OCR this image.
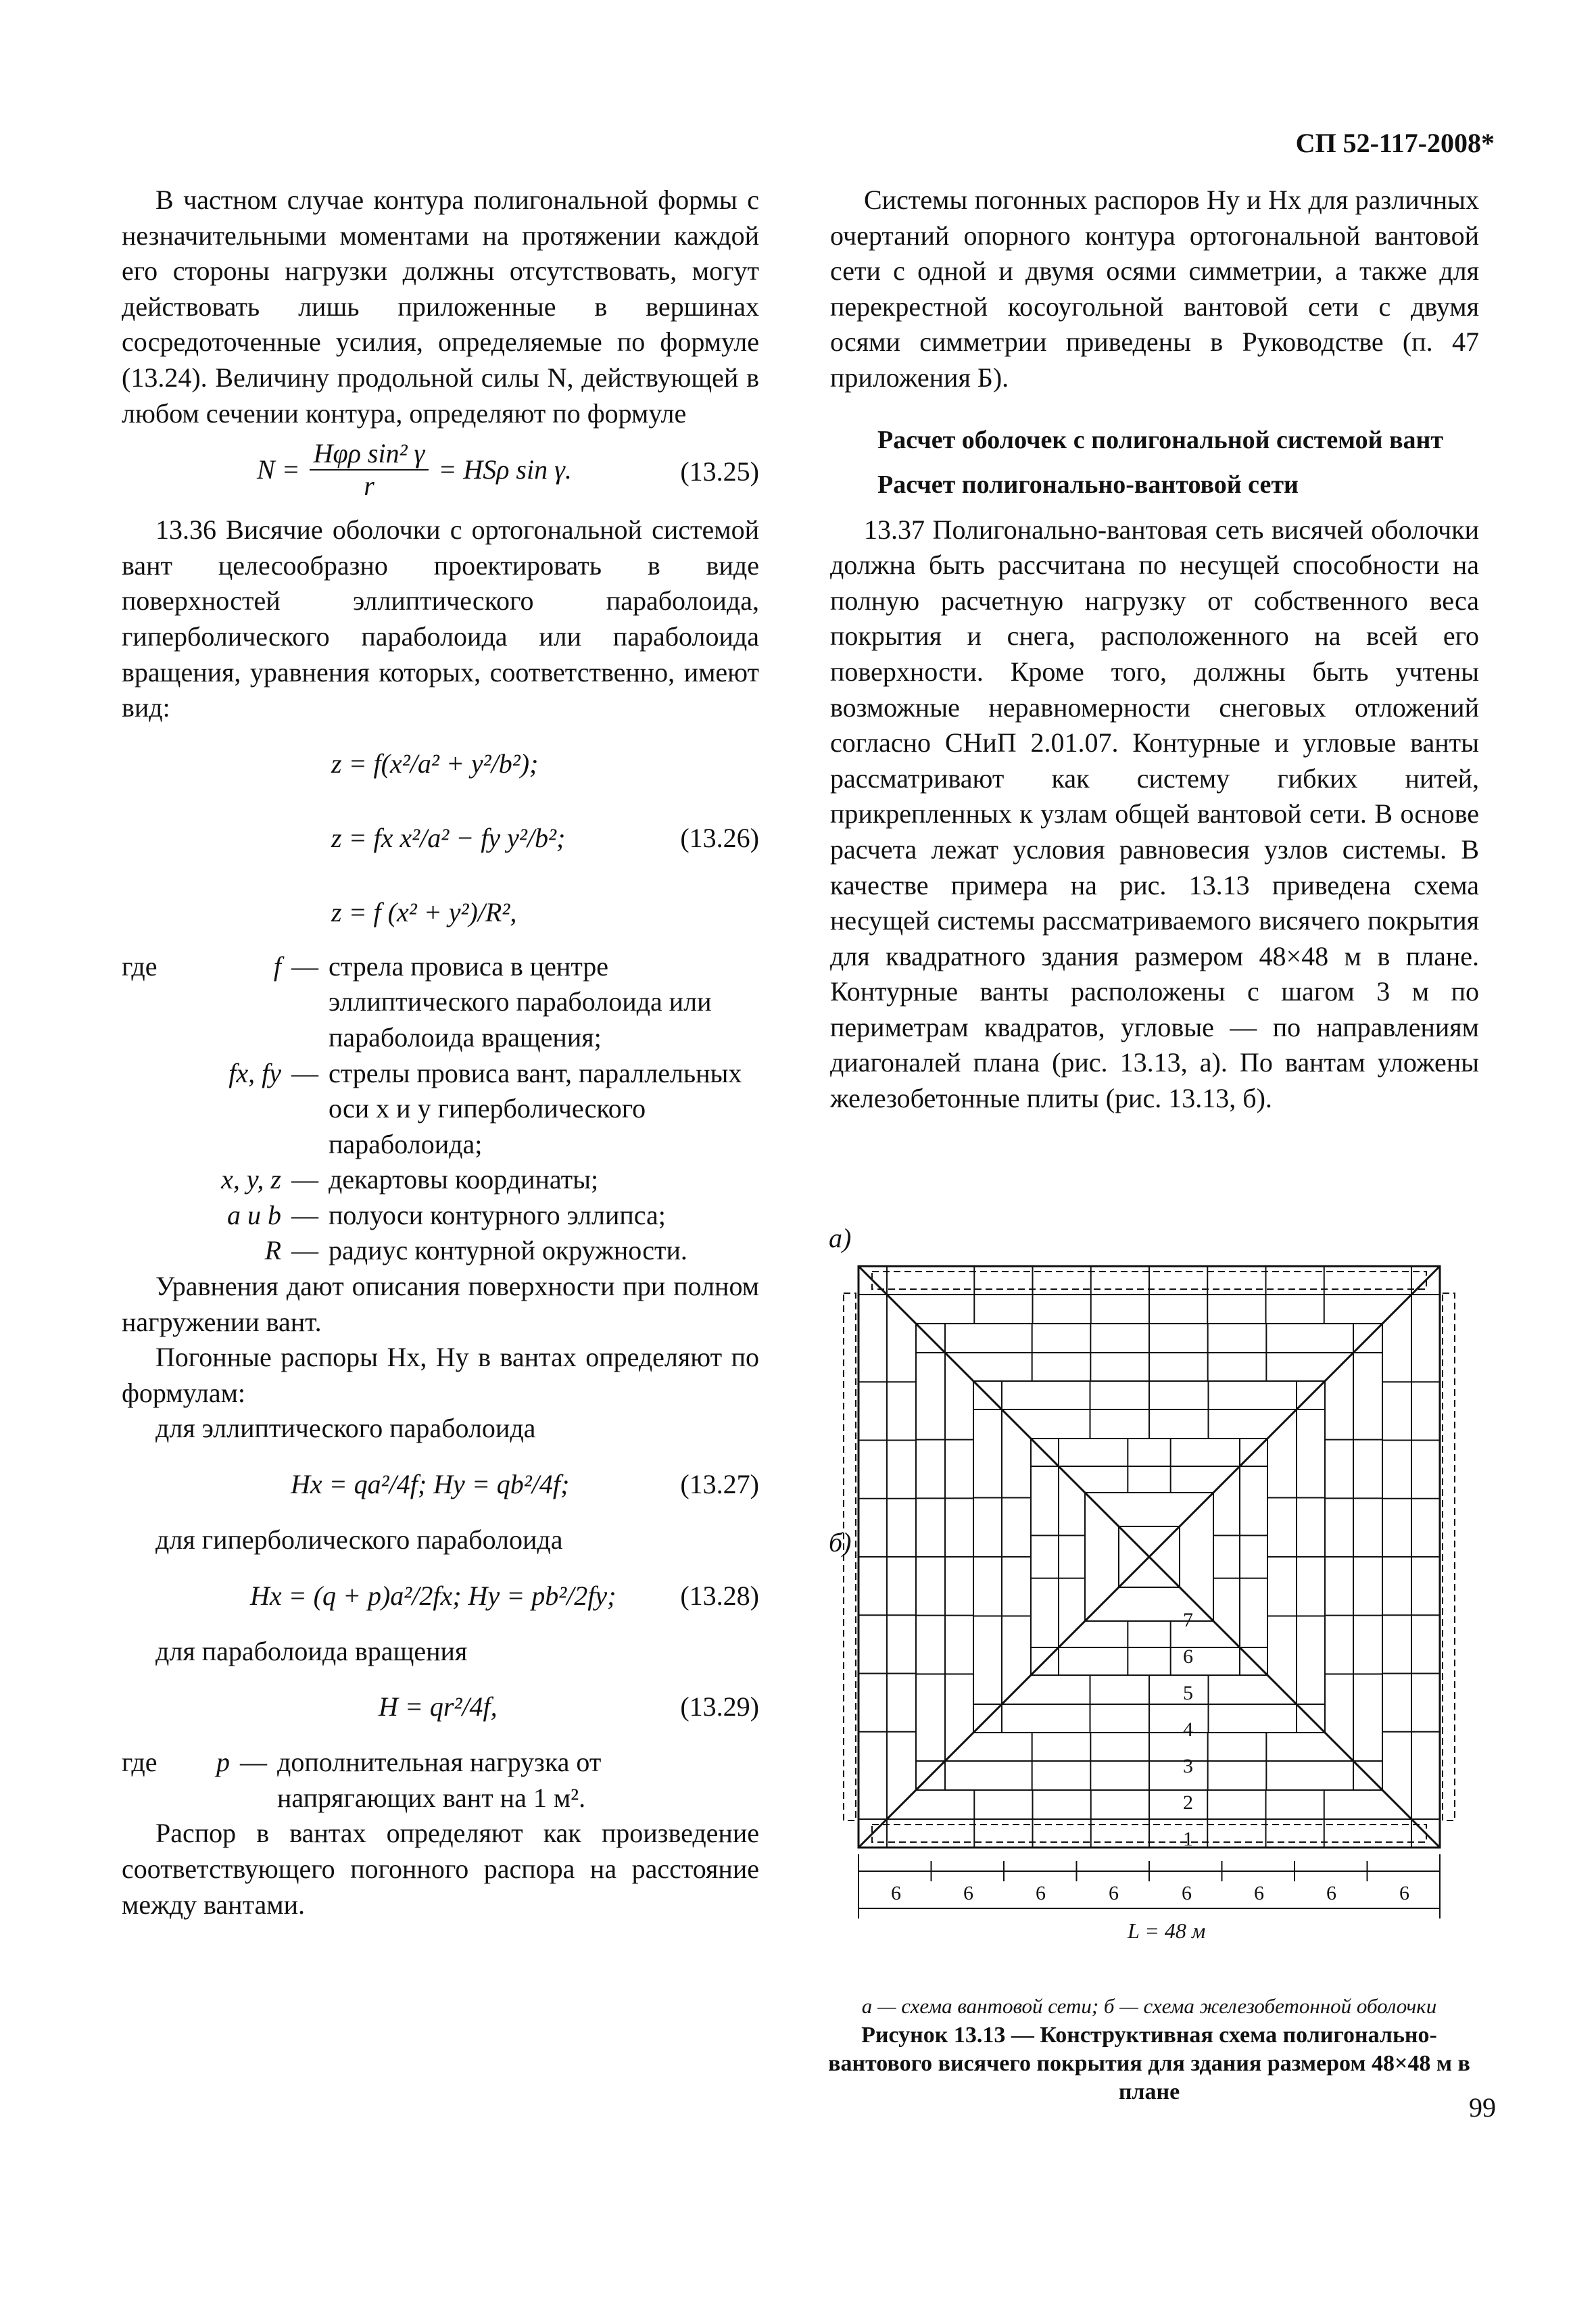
СП 52-117-2008*

В частном случае контура полигональной формы с незначительными моментами на протяжении каждой его стороны нагрузки должны отсутствовать, могут действовать лишь приложенные в вершинах сосредоточенные усилия, определяемые по формуле (13.24). Величину продольной силы N, действующей в любом сечении контура, определяют по формуле

$N = \frac{\text{Hφρ sin² γ}}{r} = HS\rho$ sin γ.	(13.25)

13.36 Висячие оболочки с ортогональной системой вант целесообразно проектировать в виде поверхностей эллиптического параболоида, гиперболического параболоида или параболоида вращения, уравнения которых, соответственно, имеют вид:

z = f(x²/a² + y²/b²);
z = fx x²/a² − fy y²/b²;
z = f (x² + y²)/R²,
(13.26)
где	f — стрела провиса в центре эллиптического параболоида или параболоида вращения;
fx, fy — стрелы провиса вант, параллельных оси x и y гиперболического параболоида;
x, y, z — декартовы координаты;
a и b — полуоси контурного эллипса;
R — радиус контурной окружности.

Уравнения дают описания поверхности при полном нагружении вант.

Погонные распоры Hx, Hy в вантах определяют по формулам:

для эллиптического параболоида

Hx = qa²/4f; Hy = qb²/4f;	(13.27)

для гиперболического параболоида

Hx = (q + p)a²/2fx; Hy = pb²/2fy; (13.28)

для параболоида вращения

H = qr²/4f,	(13.29)
где	p — дополнительная нагрузка от напрягающих вант на 1 м².

Распор в вантах определяют как произведение соответствующего погонного распора на расстояние между вантами.

Системы погонных распоров Hy и Hx для различных очертаний опорного контура ортогональной вантовой сети с одной и двумя осями симметрии, а также для перекрестной косоугольной вантовой сети с двумя осями симметрии приведены в Руководстве (п. 47 приложения Б).

Расчет оболочек с полигональной системой вант

Расчет полигонально-вантовой сети

13.37 Полигонально-вантовая сеть висячей оболочки должна быть рассчитана по несущей способности на полную расчетную нагрузку от собственного веса покрытия и снега, расположенного на всей его поверхности. Кроме того, должны быть учтены возможные неравномерности снеговых отложений согласно СНиП 2.01.07. Контурные и угловые ванты рассматривают как систему гибких нитей, прикрепленных к узлам общей вантовой сети. В основе расчета лежат условия равновесия узлов системы. В качестве примера на рис. 13.13 приведена схема несущей системы рассматриваемого висячего покрытия для квадратного здания размером 48×48 м в плане. Контурные ванты расположены с шагом 3 м по периметрам квадратов, угловые — по направлениям диагоналей плана (рис. 13.13, а). По вантам уложены железобетонные плиты (рис. 13.13, б).

а)
б)
7
6
5
4
3
2
1
6	6	6	6	6	6	6	6
L = 48 м
а — схема вантовой сети; б — схема железобетонной оболочки
Рисунок 13.13 — Конструктивная схема полигонально-вантового висячего покрытия для здания размером 48×48 м в плане
99
